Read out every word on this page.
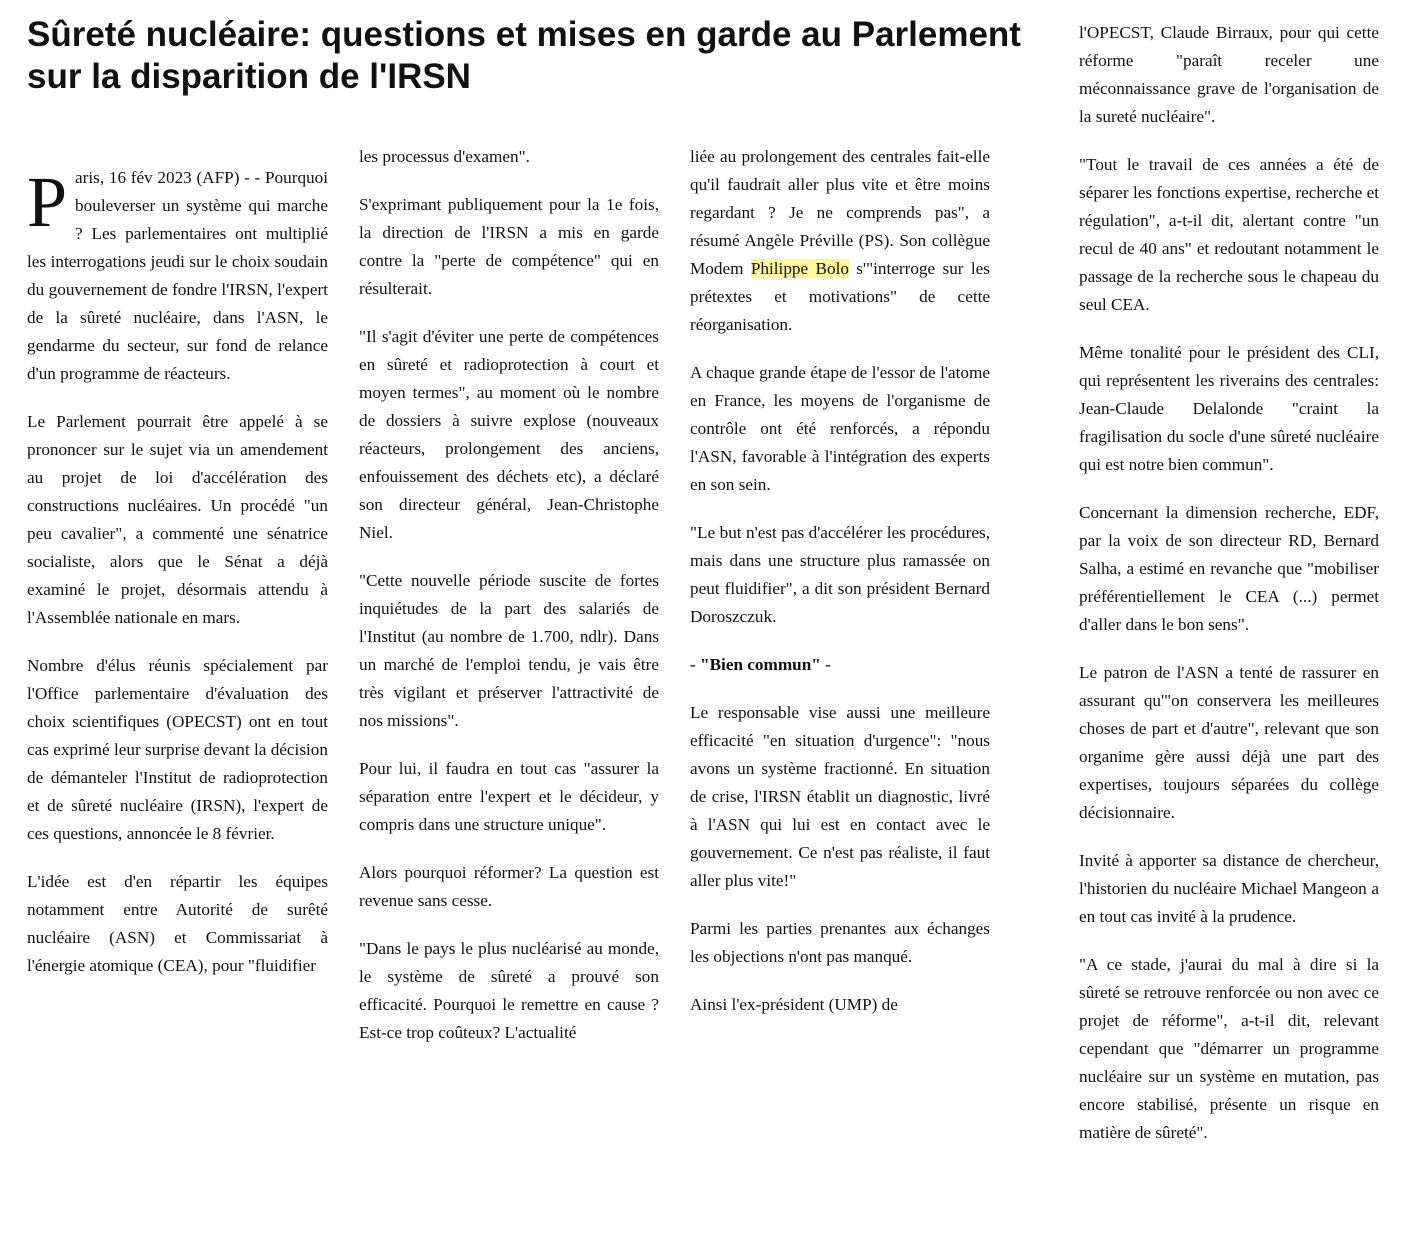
Sûreté nucléaire: questions et mises en garde au Parlement sur la disparition de l'IRSN

Paris, 16 fév 2023 (AFP) - - Pourquoi bouleverser un système qui marche ? Les parlementaires ont multiplié les interrogations jeudi sur le choix soudain du gouvernement de fondre l'IRSN, l'expert de la sûreté nucléaire, dans l'ASN, le gendarme du secteur, sur fond de relance d'un programme de réacteurs.

Le Parlement pourrait être appelé à se prononcer sur le sujet via un amendement au projet de loi d'accélération des constructions nucléaires. Un procédé "un peu cavalier", a commenté une sénatrice socialiste, alors que le Sénat a déjà examiné le projet, désormais attendu à l'Assemblée nationale en mars.

Nombre d'élus réunis spécialement par l'Office parlementaire d'évaluation des choix scientifiques (OPECST) ont en tout cas exprimé leur surprise devant la décision de démanteler l'Institut de radioprotection et de sûreté nucléaire (IRSN), l'expert de ces questions, annoncée le 8 février.

L'idée est d'en répartir les équipes notamment entre Autorité de surêté nucléaire (ASN) et Commissariat à l'énergie atomique (CEA), pour "fluidifier

les processus d'examen".

S'exprimant publiquement pour la 1e fois, la direction de l'IRSN a mis en garde contre la "perte de compétence" qui en résulterait.

"Il s'agit d'éviter une perte de compétences en sûreté et radioprotection à court et moyen termes", au moment où le nombre de dossiers à suivre explose (nouveaux réacteurs, prolongement des anciens, enfouissement des déchets etc), a déclaré son directeur général, Jean-Christophe Niel.

"Cette nouvelle période suscite de fortes inquiétudes de la part des salariés de l'Institut (au nombre de 1.700, ndlr). Dans un marché de l'emploi tendu, je vais être très vigilant et préserver l'attractivité de nos missions".

Pour lui, il faudra en tout cas "assurer la séparation entre l'expert et le décideur, y compris dans une structure unique".

Alors pourquoi réformer? La question est revenue sans cesse.

"Dans le pays le plus nucléarisé au monde, le système de sûreté a prouvé son efficacité. Pourquoi le remettre en cause ? Est-ce trop coûteux? L'actualité

liée au prolongement des centrales fait-elle qu'il faudrait aller plus vite et être moins regardant ? Je ne comprends pas", a résumé Angèle Préville (PS). Son collègue Modem Philippe Bolo s'"interroge sur les prétextes et motivations" de cette réorganisation.

A chaque grande étape de l'essor de l'atome en France, les moyens de l'organisme de contrôle ont été renforcés, a répondu l'ASN, favorable à l'intégration des experts en son sein.

"Le but n'est pas d'accélérer les procédures, mais dans une structure plus ramassée on peut fluidifier", a dit son président Bernard Doroszczuk.

- "Bien commun" -

Le responsable vise aussi une meilleure efficacité "en situation d'urgence": "nous avons un système fractionné. En situation de crise, l'IRSN établit un diagnostic, livré à l'ASN qui lui est en contact avec le gouvernement. Ce n'est pas réaliste, il faut aller plus vite!"

Parmi les parties prenantes aux échanges les objections n'ont pas manqué.

Ainsi l'ex-président (UMP) de

l'OPECST, Claude Birraux, pour qui cette réforme "paraît receler une méconnaissance grave de l'organisation de la sureté nucléaire".

"Tout le travail de ces années a été de séparer les fonctions expertise, recherche et régulation", a-t-il dit, alertant contre "un recul de 40 ans" et redoutant notamment le passage de la recherche sous le chapeau du seul CEA.

Même tonalité pour le président des CLI, qui représentent les riverains des centrales: Jean-Claude Delalonde "craint la fragilisation du socle d'une sûreté nucléaire qui est notre bien commun".

Concernant la dimension recherche, EDF, par la voix de son directeur RD, Bernard Salha, a estimé en revanche que "mobiliser préférentiellement le CEA (...) permet d'aller dans le bon sens".

Le patron de l'ASN a tenté de rassurer en assurant qu'"on conservera les meilleures choses de part et d'autre", relevant que son organime gère aussi déjà une part des expertises, toujours séparées du collège décisionnaire.

Invité à apporter sa distance de chercheur, l'historien du nucléaire Michael Mangeon a en tout cas invité à la prudence.

"A ce stade, j'aurai du mal à dire si la sûreté se retrouve renforcée ou non avec ce projet de réforme", a-t-il dit, relevant cependant que "démarrer un programme nucléaire sur un système en mutation, pas encore stabilisé, présente un risque en matière de sûreté".
